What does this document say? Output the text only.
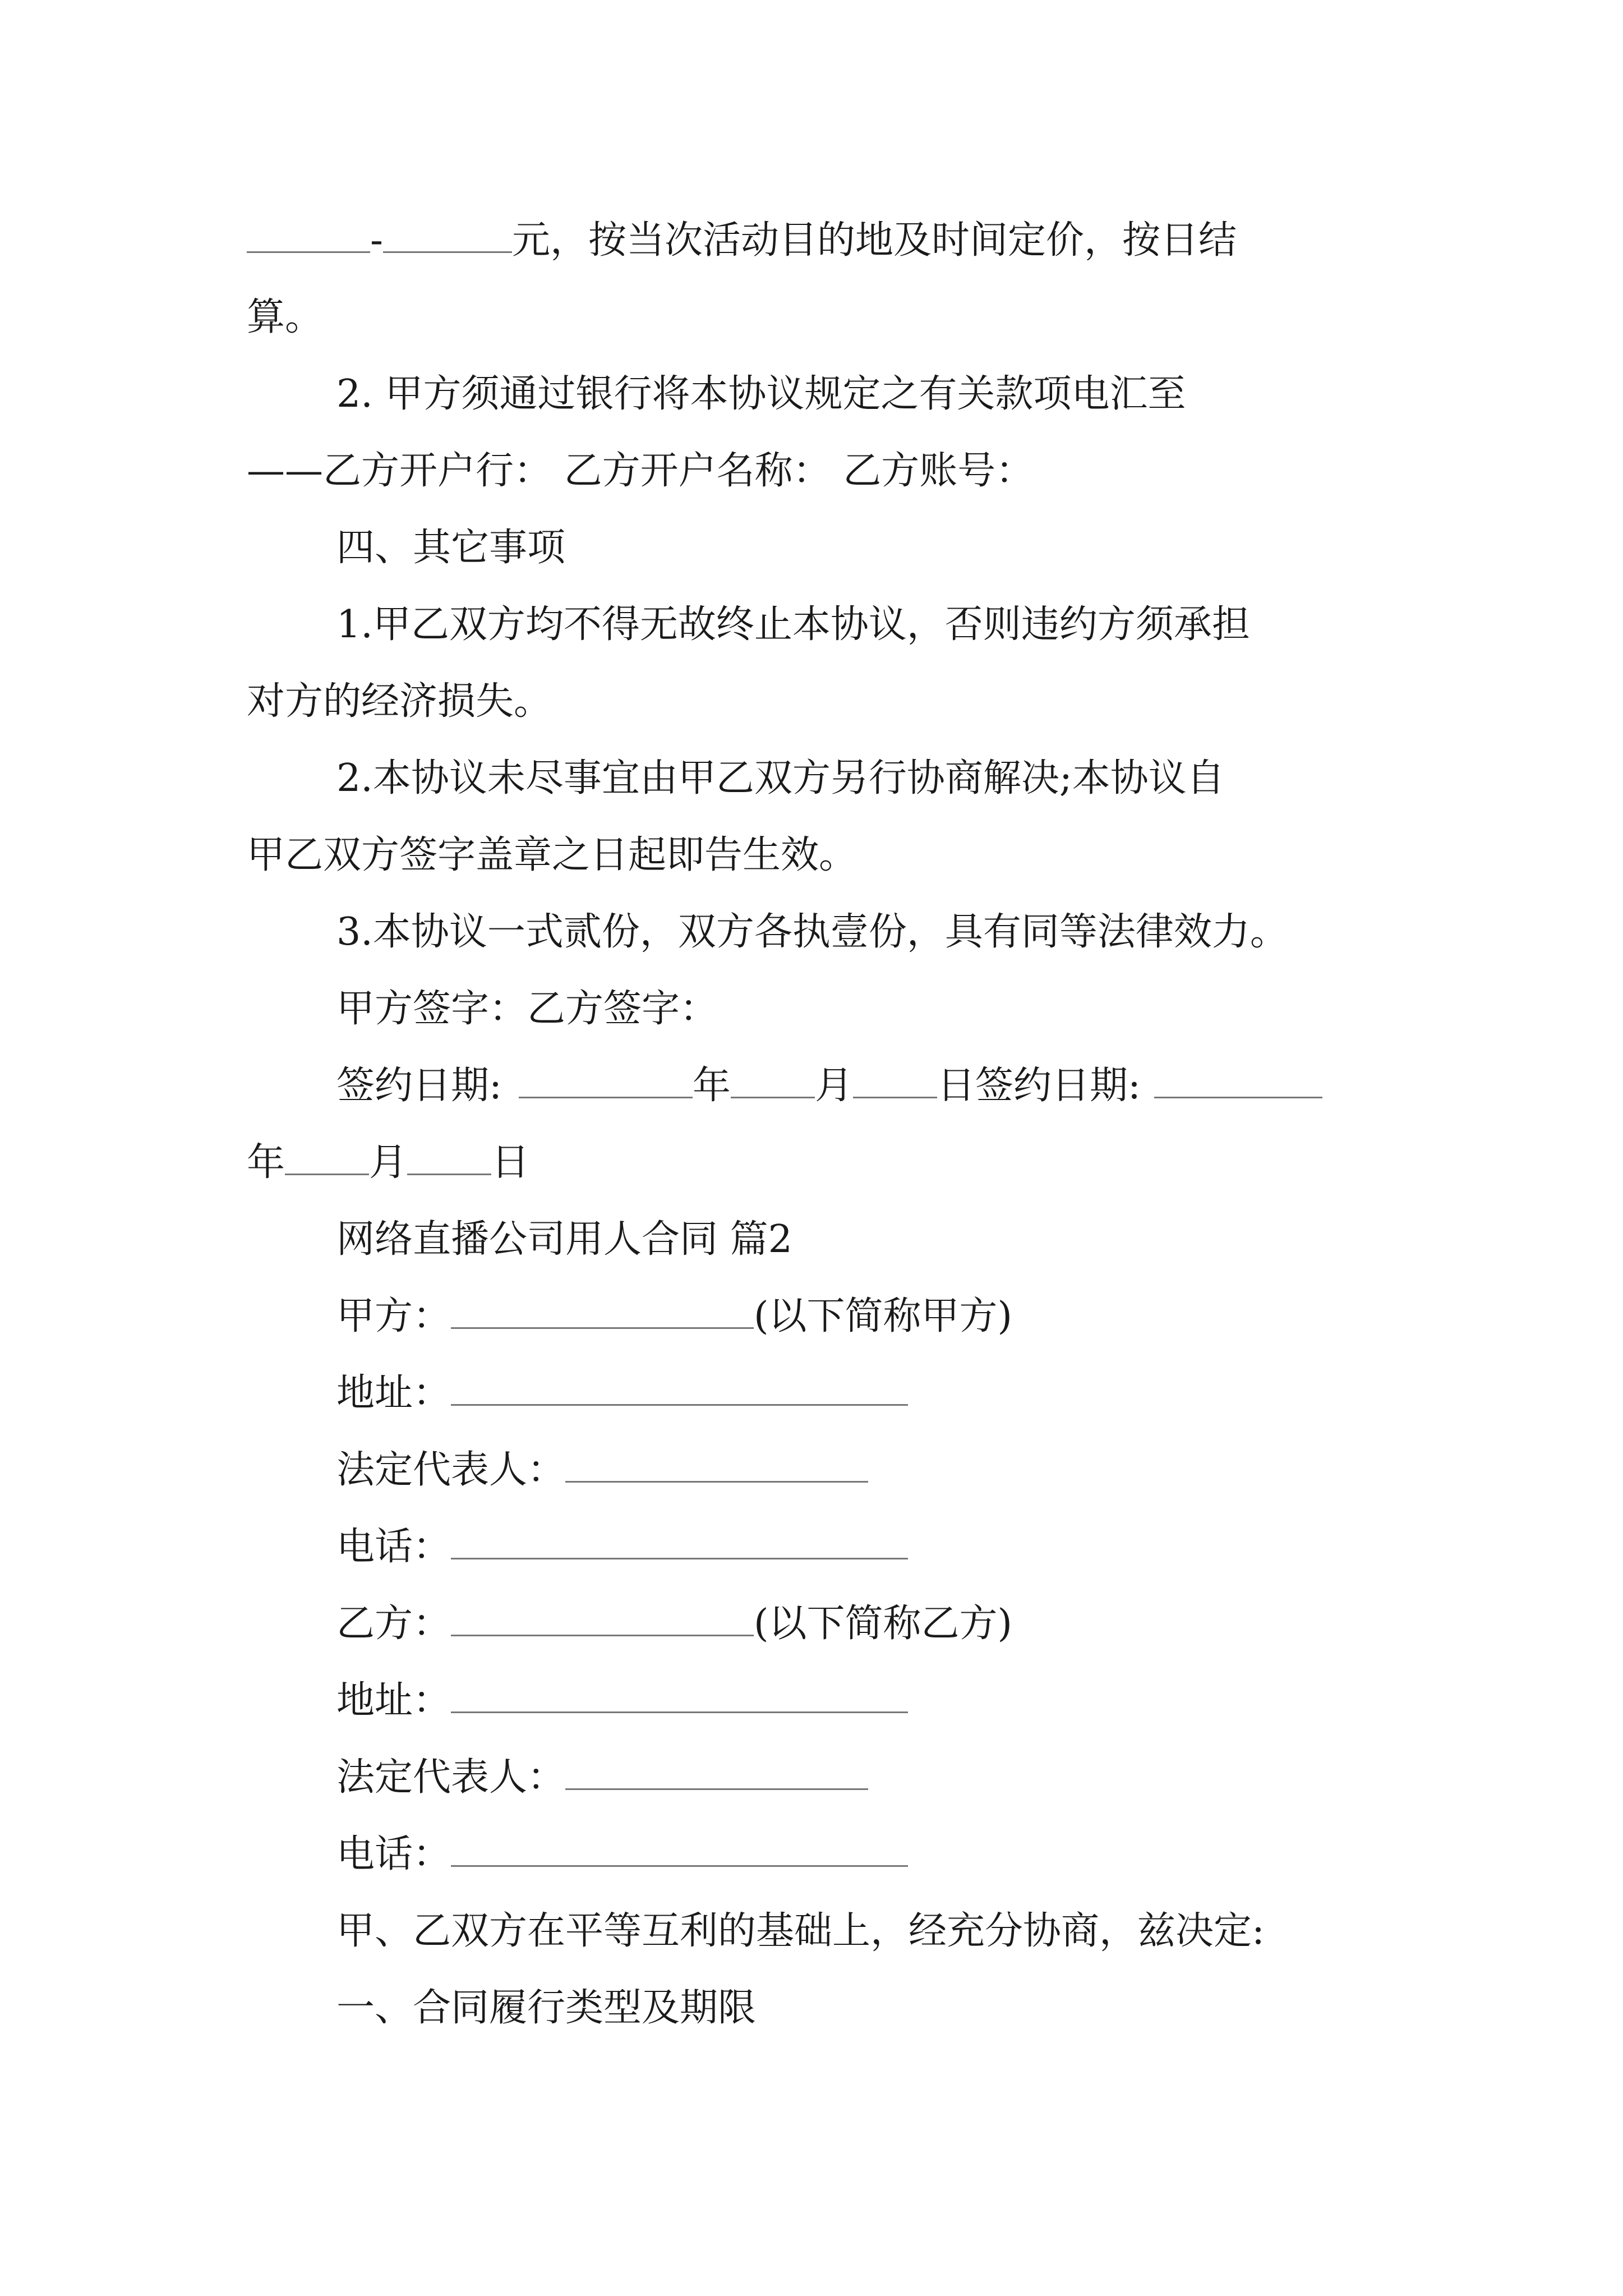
-	元，按当次活动目的地及时间定价，按日结
算。
2. 甲方须通过银行将本协议规定之有关款项电汇至
——乙方开户行： 乙方开户名称： 乙方账号：
四、其它事项
1.甲乙双方均不得无故终止本协议，否则违约方须承担
对方的经济损失。
2.本协议未尽事宜由甲乙双方另行协商解决;本协议自
甲乙双方签字盖章之日起即告生效。
3.本协议一式贰份，双方各执壹份，具有同等法律效力。
甲方签字：乙方签字：
签约日期:	年 月 日签约日期:
年 月 日
网络直播公司用人合同 篇2
甲方：	(以下简称甲方)
地址：
法定代表人：
电话：
乙方：	(以下简称乙方)
地址：
法定代表人：
电话：
甲、乙双方在平等互利的基础上，经充分协商，兹决定:
一、合同履行类型及期限
